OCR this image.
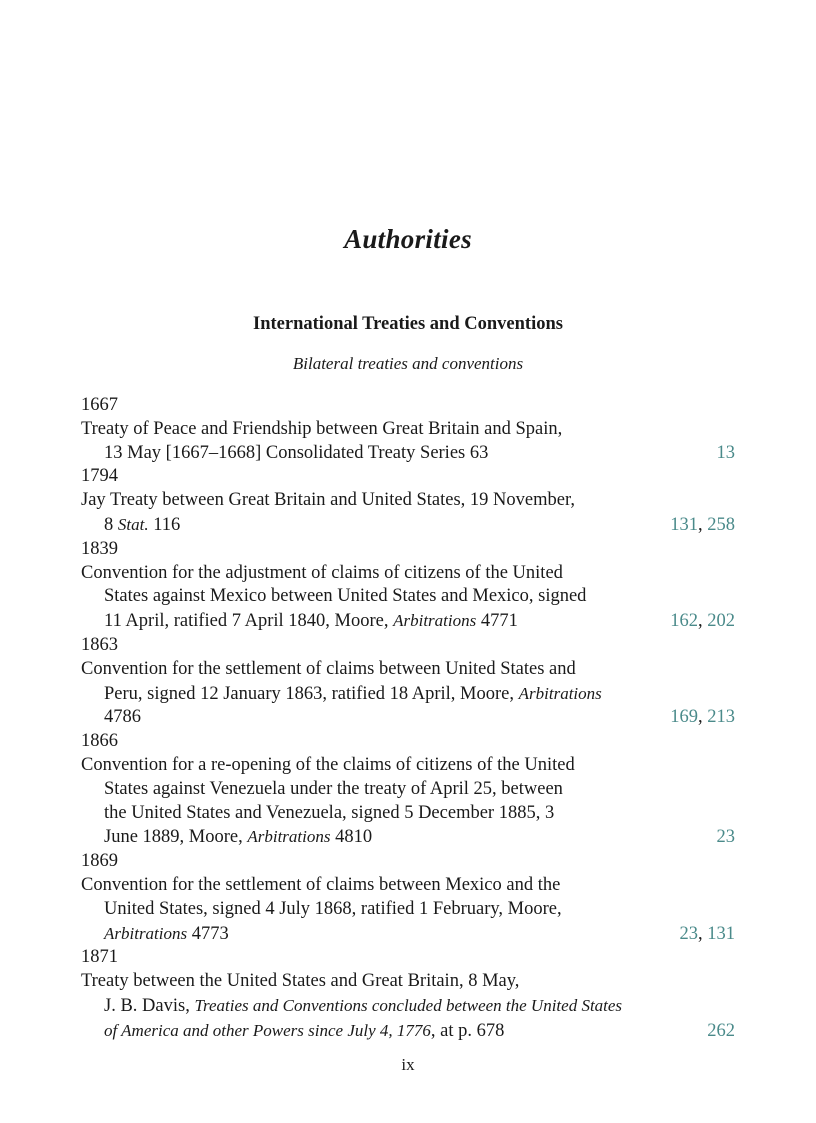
Authorities
International Treaties and Conventions
Bilateral treaties and conventions
1667
Treaty of Peace and Friendship between Great Britain and Spain,
13 May [1667–1668] Consolidated Treaty Series 63	13
1794
Jay Treaty between Great Britain and United States, 19 November,
8 Stat. 116	131, 258
1839
Convention for the adjustment of claims of citizens of the United
States against Mexico between United States and Mexico, signed
11 April, ratified 7 April 1840, Moore, Arbitrations 4771	162, 202
1863
Convention for the settlement of claims between United States and
Peru, signed 12 January 1863, ratified 18 April, Moore, Arbitrations
4786	169, 213
1866
Convention for a re-opening of the claims of citizens of the United
States against Venezuela under the treaty of April 25, between
the United States and Venezuela, signed 5 December 1885, 3
June 1889, Moore, Arbitrations 4810	23
1869
Convention for the settlement of claims between Mexico and the
United States, signed 4 July 1868, ratified 1 February, Moore,
Arbitrations 4773	23, 131
1871
Treaty between the United States and Great Britain, 8 May,
J. B. Davis, Treaties and Conventions concluded between the United States
of America and other Powers since July 4, 1776, at p. 678	262
ix
